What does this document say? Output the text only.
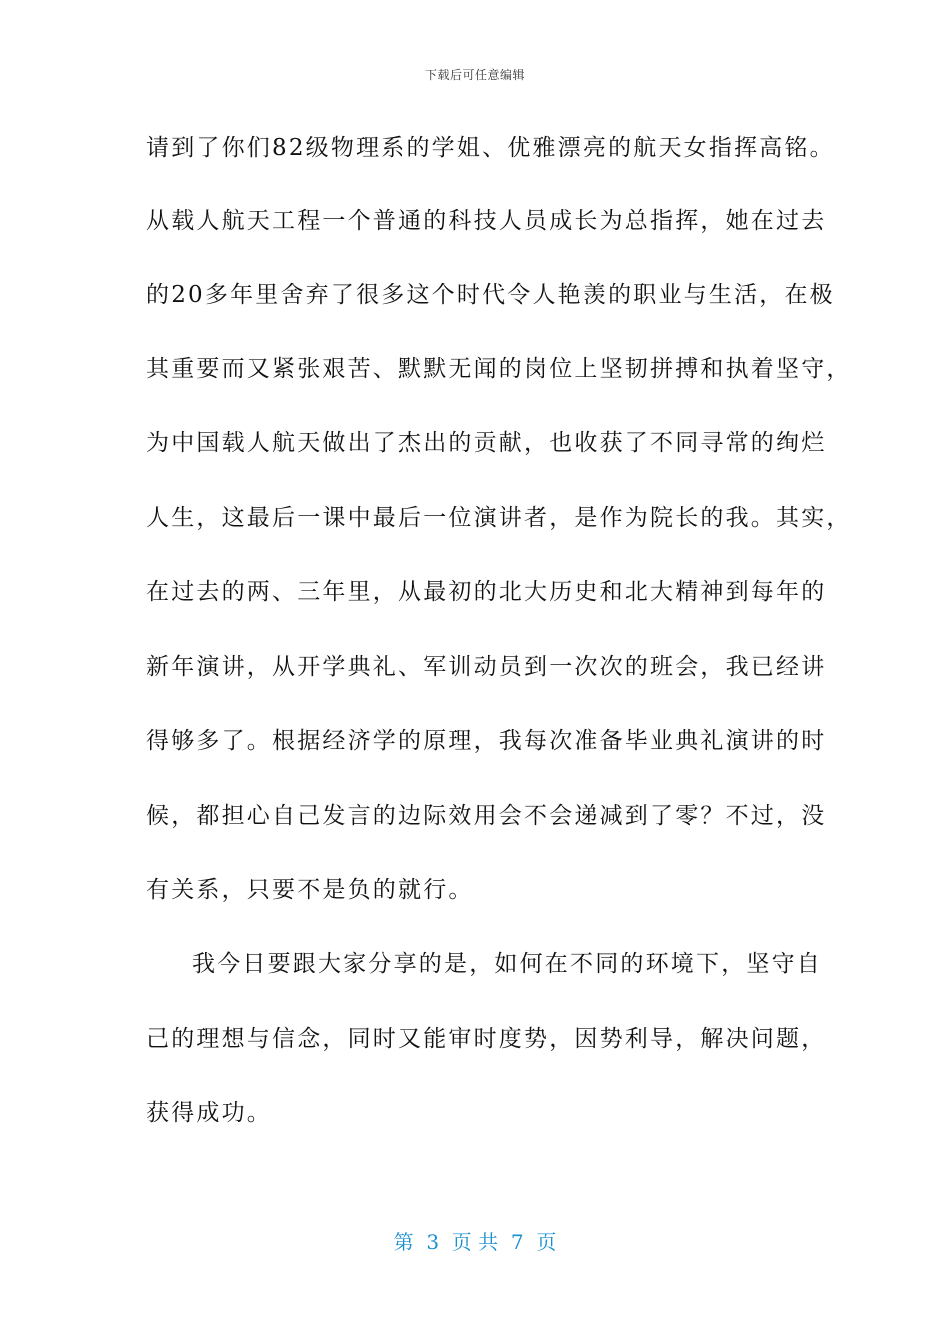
下载后可任意编辑
请到了你们82级物理系的学姐、优雅漂亮的航天女指挥高铭。
从载人航天工程一个普通的科技人员成长为总指挥，她在过去
的20多年里舍弃了很多这个时代令人艳羡的职业与生活，在极
其重要而又紧张艰苦、默默无闻的岗位上坚韧拼搏和执着坚守，
为中国载人航天做出了杰出的贡献，也收获了不同寻常的绚烂
人生，这最后一课中最后一位演讲者，是作为院长的我。其实，
在过去的两、三年里，从最初的北大历史和北大精神到每年的
新年演讲，从开学典礼、军训动员到一次次的班会，我已经讲
得够多了。根据经济学的原理，我每次准备毕业典礼演讲的时
候，都担心自己发言的边际效用会不会递减到了零？不过，没
有关系，只要不是负的就行。
我今日要跟大家分享的是，如何在不同的环境下，坚守自
己的理想与信念，同时又能审时度势，因势利导，解决问题，
获得成功。
第  3  页 共  7  页
